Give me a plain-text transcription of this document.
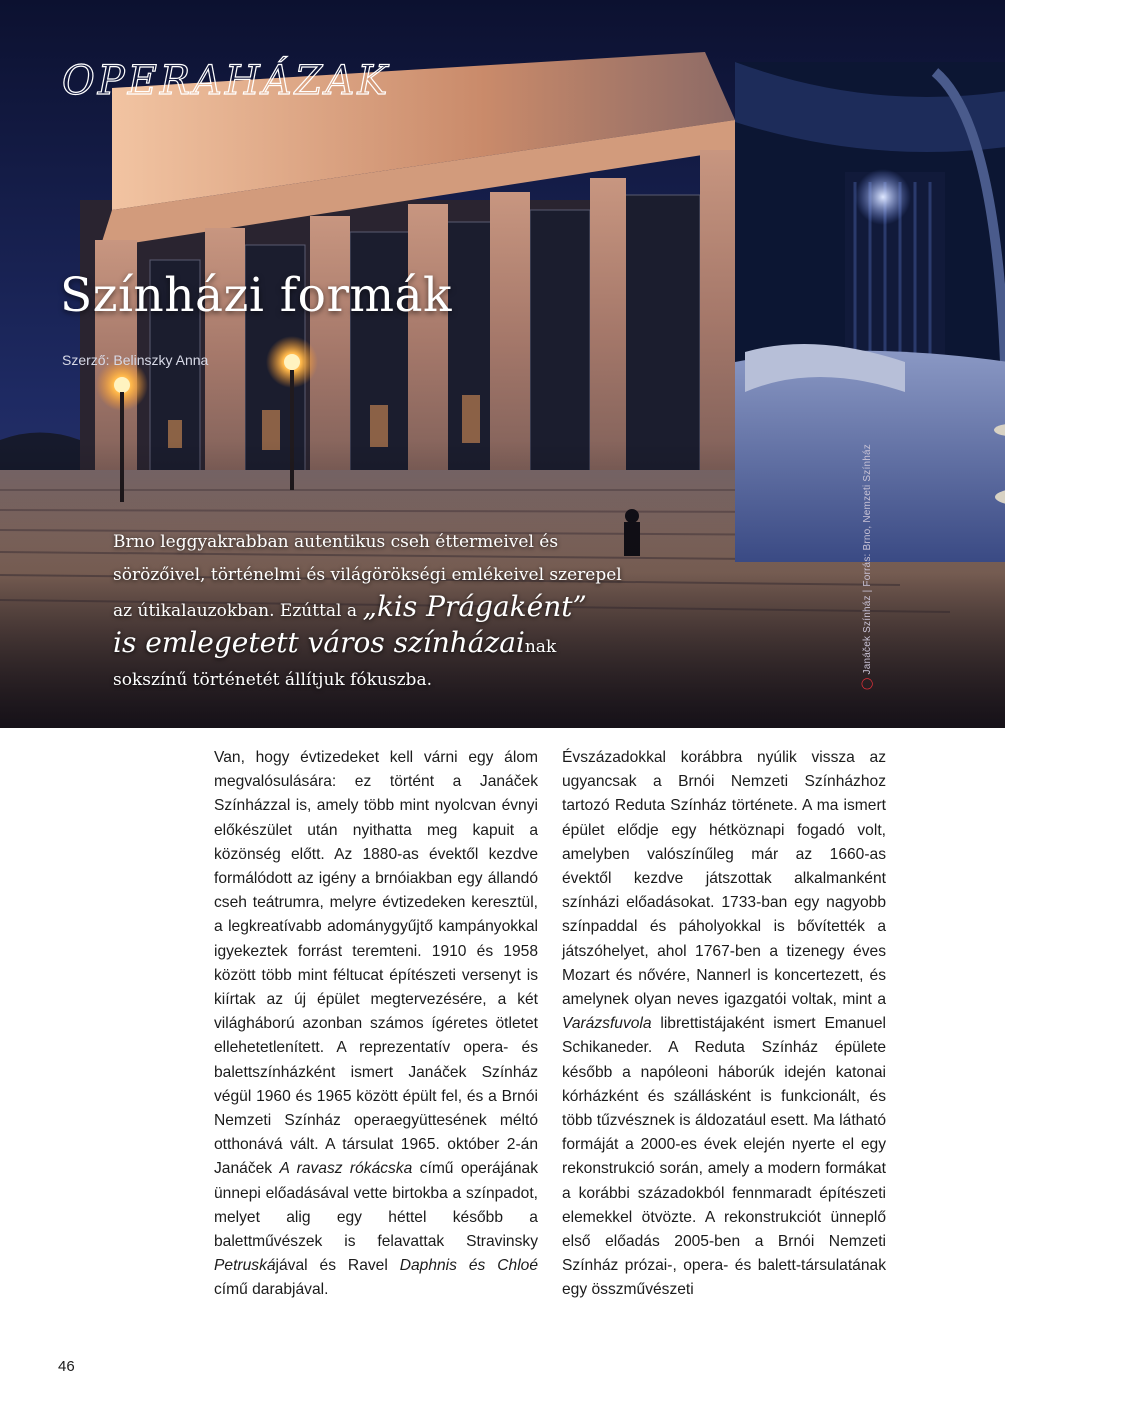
OPERAHÁZAK
Színházi formák

Szerző: Belinszky Anna

Brno leggyakrabban autentikus cseh éttermeivel és
sörözőivel, történelmi és világörökségi emlékeivel szerepel
az útikalauzokban. Ezúttal a „kis Prágaként”
is emlegetett város színházainak
sokszínű történetét állítjuk fókuszba.	◯Janáček Színház | Forrás: Brno, Nemzeti Színház

Van, hogy évtizedeket kell várni egy álom megvalósulására: ez történt a Janáček Színházzal is, amely több mint nyolcvan évnyi előkészület után nyithatta meg kapuit a közönség előtt. Az 1880-as évektől kezdve formálódott az igény a brnóiakban egy állandó cseh teátrumra, melyre évtizedeken keresztül, a legkreatívabb adománygyűjtő kampányokkal igyekeztek forrást teremteni. 1910 és 1958 között több mint féltucat építészeti versenyt is kiírtak az új épület megtervezésére, a két világháború azonban számos ígéretes ötletet ellehetetlenített. A reprezentatív opera- és balettszínházként ismert Janáček Színház végül 1960 és 1965 között épült fel, és a Brnói Nemzeti Színház operaegyüttesének méltó otthonává vált. A társulat 1965. október 2-án Janáček A ravasz rókácska című operájának ünnepi előadásával vette birtokba a színpadot, melyet alig egy héttel később a balettművészek is felavattak Stravinsky Petruskájával és Ravel Daphnis és Chloé című darabjával.

Évszázadokkal korábbra nyúlik vissza az ugyancsak a Brnói Nemzeti Színházhoz tartozó Reduta Színház története. A ma ismert épület elődje egy hétköznapi fogadó volt, amelyben valószínűleg már az 1660-as évektől kezdve játszottak alkalmanként színházi előadásokat. 1733-ban egy nagyobb színpaddal és páholyokkal is bővítették a játszóhelyet, ahol 1767-ben a tizenegy éves Mozart és nővére, Nannerl is koncertezett, és amelynek olyan neves igazgatói voltak, mint a Varázsfuvola librettistájaként ismert Emanuel Schikaneder. A Reduta Színház épülete később a napóleoni háborúk idején katonai kórházként és szállásként is funkcionált, és több tűzvésznek is áldozatául esett. Ma látható formáját a 2000-es évek elején nyerte el egy rekonstrukció során, amely a modern formákat a korábbi századokból fennmaradt építészeti elemekkel ötvözte. A rekonstrukciót ünneplő első előadás 2005-ben a Brnói Nemzeti Színház prózai-, opera- és balett-társulatának egy összművészeti

46
